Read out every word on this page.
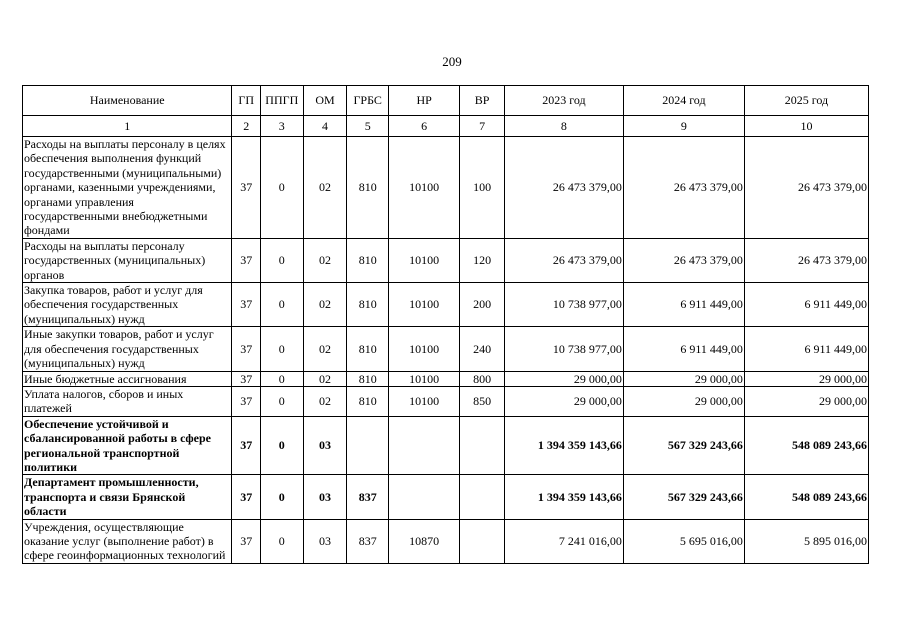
209
Наименование	ГП	ППГП	ОМ	ГРБС	НР	ВР	2023 год	2024 год	2025 год
1	2	3	4	5	6	7	8	9	10
Расходы на выплаты персоналу в целях обеспечения выполнения функций государственными (муниципальными) органами, казенными учреждениями, органами управления государственными внебюджетными фондами	37	0	02	810	10100	100	26 473 379,00	26 473 379,00	26 473 379,00
Расходы на выплаты персоналу государственных (муниципальных) органов	37	0	02	810	10100	120	26 473 379,00	26 473 379,00	26 473 379,00
Закупка товаров, работ и услуг для обеспечения государственных (муниципальных) нужд	37	0	02	810	10100	200	10 738 977,00	6 911 449,00	6 911 449,00
Иные закупки товаров, работ и услуг для обеспечения государственных (муниципальных) нужд	37	0	02	810	10100	240	10 738 977,00	6 911 449,00	6 911 449,00
Иные бюджетные ассигнования	37	0	02	810	10100	800	29 000,00	29 000,00	29 000,00
Уплата налогов, сборов и иных платежей	37	0	02	810	10100	850	29 000,00	29 000,00	29 000,00
Обеспечение устойчивой и сбалансированной работы в сфере региональной транспортной политики	37	0	03				1 394 359 143,66	567 329 243,66	548 089 243,66
Департамент промышленности, транспорта и связи Брянской области	37	0	03	837			1 394 359 143,66	567 329 243,66	548 089 243,66
Учреждения, осуществляющие оказание услуг (выполнение работ) в сфере геоинформационных технологий	37	0	03	837	10870		7 241 016,00	5 695 016,00	5 895 016,00
